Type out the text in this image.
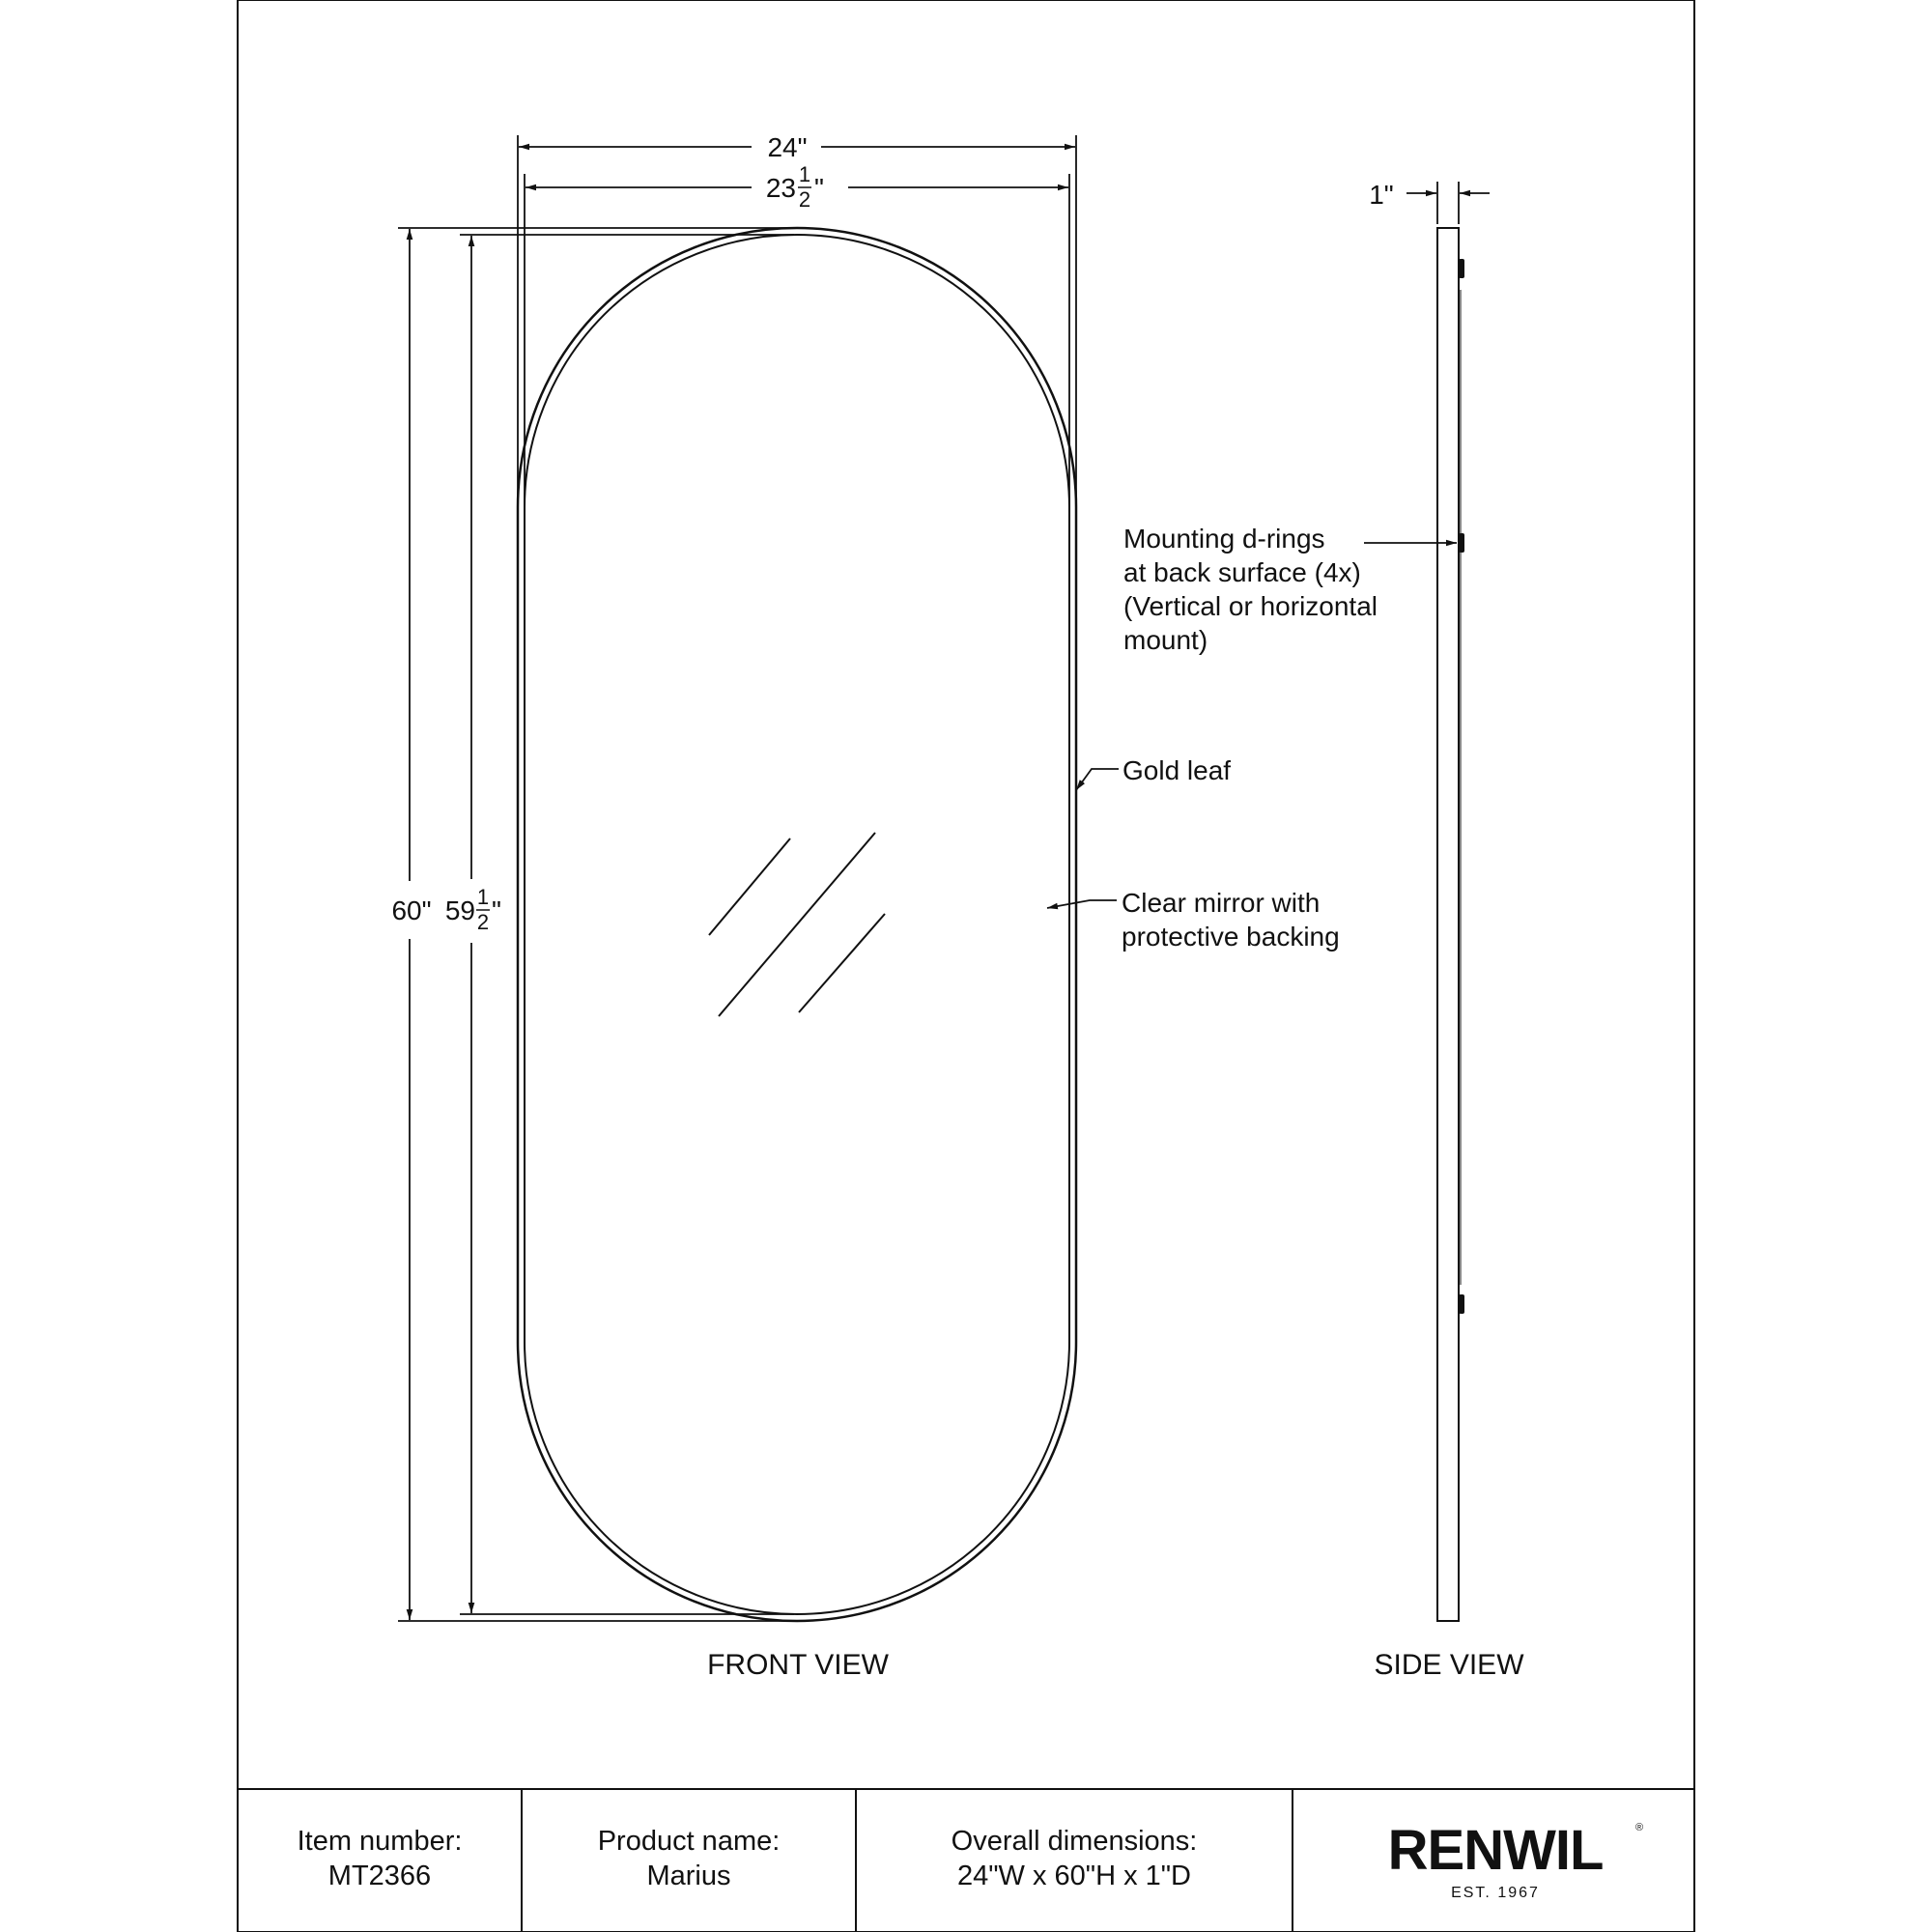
24"
23 1
2 "
60" 59 1
2 "
FRONT VIEW
1"
SIDE VIEW
Mounting d-rings
at back surface (4x)
(Vertical or horizontal
mount)
Gold leaf
Clear mirror with
protective backing
Item number:
MT2366
Product name:
Marius
Overall dimensions:
24"W x 60"H x 1"D	RENWIL	®
EST. 1967
